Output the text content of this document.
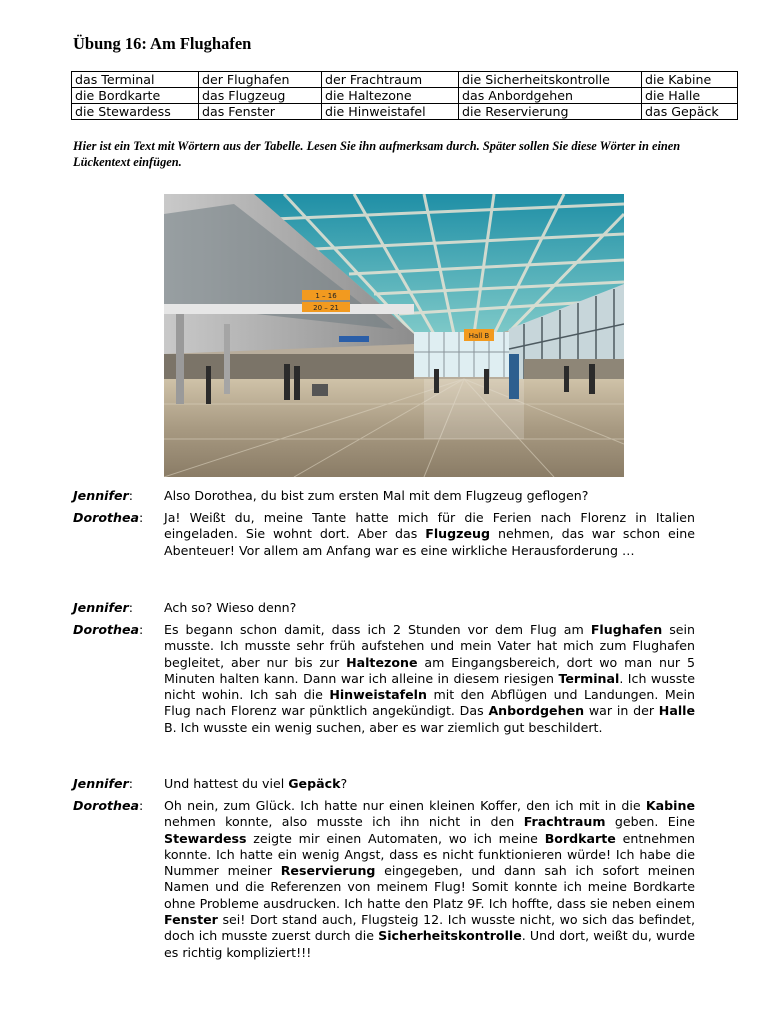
Übung 16: Am Flughafen
das Terminal	der Flughafen	der Frachtraum	die Sicherheitskontrolle	die Kabine
die Bordkarte	das Flugzeug	die Haltezone	das Anbordgehen	die Halle
die Stewardess	das Fenster	die Hinweistafel	die Reservierung	das Gepäck
Hier ist ein Text mit Wörtern aus der Tabelle. Lesen Sie ihn aufmerksam durch. Später sollen Sie diese Wörter in einen Lückentext einfügen.
1 – 16
20 – 21
Hall B
Jennifer: Also Dorothea, du bist zum ersten Mal mit dem Flugzeug geflogen?
Dorothea: Ja! Weißt du, meine Tante hatte mich für die Ferien nach Florenz in Italien eingeladen. Sie wohnt dort. Aber das Flugzeug nehmen, das war schon eine Abenteuer! Vor allem am Anfang war es eine wirkliche Herausforderung …
Jennifer: Ach so? Wieso denn?
Dorothea: Es begann schon damit, dass ich 2 Stunden vor dem Flug am Flughafen sein musste. Ich musste sehr früh aufstehen und mein Vater hat mich zum Flughafen begleitet, aber nur bis zur Haltezone am Eingangsbereich, dort wo man nur 5 Minuten halten kann. Dann war ich alleine in diesem riesigen Terminal. Ich wusste nicht wohin. Ich sah die Hinweistafeln mit den Abflügen und Landungen. Mein Flug nach Florenz war pünktlich angekündigt. Das Anbordgehen war in der Halle B. Ich wusste ein wenig suchen, aber es war ziemlich gut beschildert.
Jennifer: Und hattest du viel Gepäck?
Dorothea: Oh nein, zum Glück. Ich hatte nur einen kleinen Koffer, den ich mit in die Kabine nehmen konnte, also musste ich ihn nicht in den Frachtraum geben. Eine Stewardess zeigte mir einen Automaten, wo ich meine Bordkarte entnehmen konnte. Ich hatte ein wenig Angst, dass es nicht funktionieren würde! Ich habe die Nummer meiner Reservierung eingegeben, und dann sah ich sofort meinen Namen und die Referenzen von meinem Flug! Somit konnte ich meine Bordkarte ohne Probleme ausdrucken. Ich hatte den Platz 9F. Ich hoffte, dass sie neben einem Fenster sei! Dort stand auch, Flugsteig 12. Ich wusste nicht, wo sich das befindet, doch ich musste zuerst durch die Sicherheitskontrolle. Und dort, weißt du, wurde es richtig kompliziert!!!
